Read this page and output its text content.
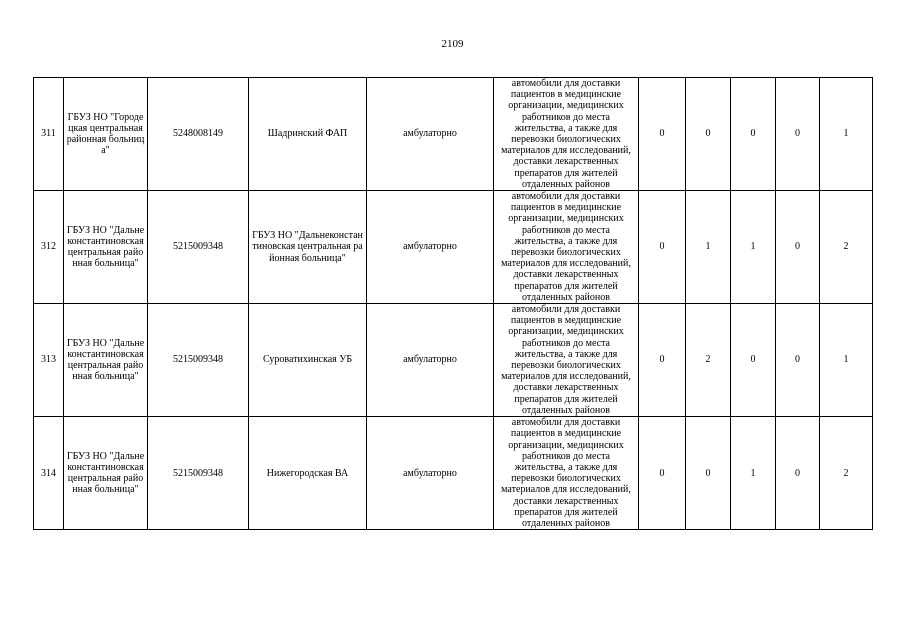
2109
311	ГБУЗ НО "Городецкая центральная районная больница"	5248008149	Шадринский ФАП	амбулаторно	автомобили для доставки пациентов в медицинские организации, медицинских работников до места жительства, а также для перевозки биологических материалов для исследований, доставки лекарственных препаратов для жителей отдаленных районов	0	0	0	0	1
312	ГБУЗ НО "Дальнеконстантиновская центральная районная больница"	5215009348	ГБУЗ НО "Дальнеконстантиновская центральная районная больница"	амбулаторно	автомобили для доставки пациентов в медицинские организации, медицинских работников до места жительства, а также для перевозки биологических материалов для исследований, доставки лекарственных препаратов для жителей отдаленных районов	0	1	1	0	2
313	ГБУЗ НО "Дальнеконстантиновская центральная районная больница"	5215009348	Суроватихинская УБ	амбулаторно	автомобили для доставки пациентов в медицинские организации, медицинских работников до места жительства, а также для перевозки биологических материалов для исследований, доставки лекарственных препаратов для жителей отдаленных районов	0	2	0	0	1
314	ГБУЗ НО "Дальнеконстантиновская центральная районная больница"	5215009348	Нижегородская ВА	амбулаторно	автомобили для доставки пациентов в медицинские организации, медицинских работников до места жительства, а также для перевозки биологических материалов для исследований, доставки лекарственных препаратов для жителей отдаленных районов	0	0	1	0	2
